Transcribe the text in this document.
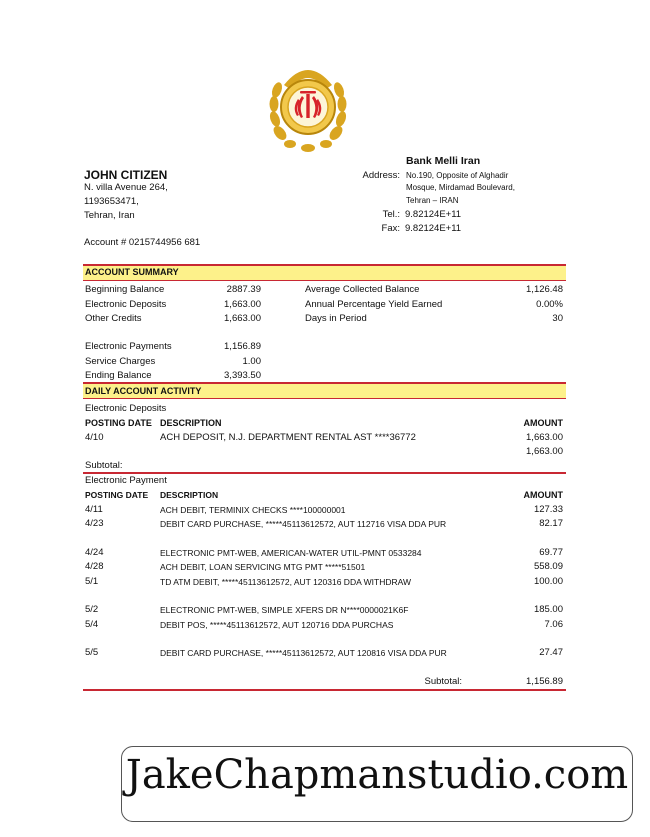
JOHN CITIZEN
N. villa Avenue 264,
1193653471,
Tehran, Iran
Account # 0215744956 681
Bank Melli Iran
Address: No.190, Opposite of Alghadir
Mosque, Mirdamad Boulevard,
Tehran – IRAN
Tel.: 9.82124E+11
Fax: 9.82124E+11
ACCOUNT SUMMARY
Beginning Balance	2887.39
Electronic Deposits	1,663.00
Other Credits	1,663.00
Electronic Payments	1,156.89
Service Charges	1.00
Ending Balance	3,393.50
Average Collected Balance	1,126.48
Annual Percentage Yield Earned	0.00%
Days in Period	30
DAILY ACCOUNT ACTIVITY
Electronic Deposits
POSTING DATE DESCRIPTION	AMOUNT
4/10	ACH DEPOSIT, N.J. DEPARTMENT RENTAL AST ****36772	1,663.00
1,663.00
Subtotal:
Electronic Payment
POSTING DATE DESCRIPTION	AMOUNT
4/11	ACH DEBIT, TERMINIX CHECKS ****100000001	127.33
4/23	DEBIT CARD PURCHASE, *****45113612572, AUT 112716 VISA DDA PUR	82.17
4/24	ELECTRONIC PMT-WEB, AMERICAN-WATER UTIL-PMNT 0533284	69.77
4/28	ACH DEBIT, LOAN SERVICING MTG PMT *****51501	558.09
5/1	TD ATM DEBIT, *****45113612572, AUT 120316 DDA WITHDRAW	100.00
5/2	ELECTRONIC PMT-WEB, SIMPLE XFERS DR N****0000021K6F	185.00
5/4	DEBIT POS, *****45113612572, AUT 120716 DDA PURCHAS	7.06
5/5	DEBIT CARD PURCHASE, *****45113612572, AUT 120816 VISA DDA PUR	27.47
Subtotal:	1,156.89
JakeChapmanstudio.com
